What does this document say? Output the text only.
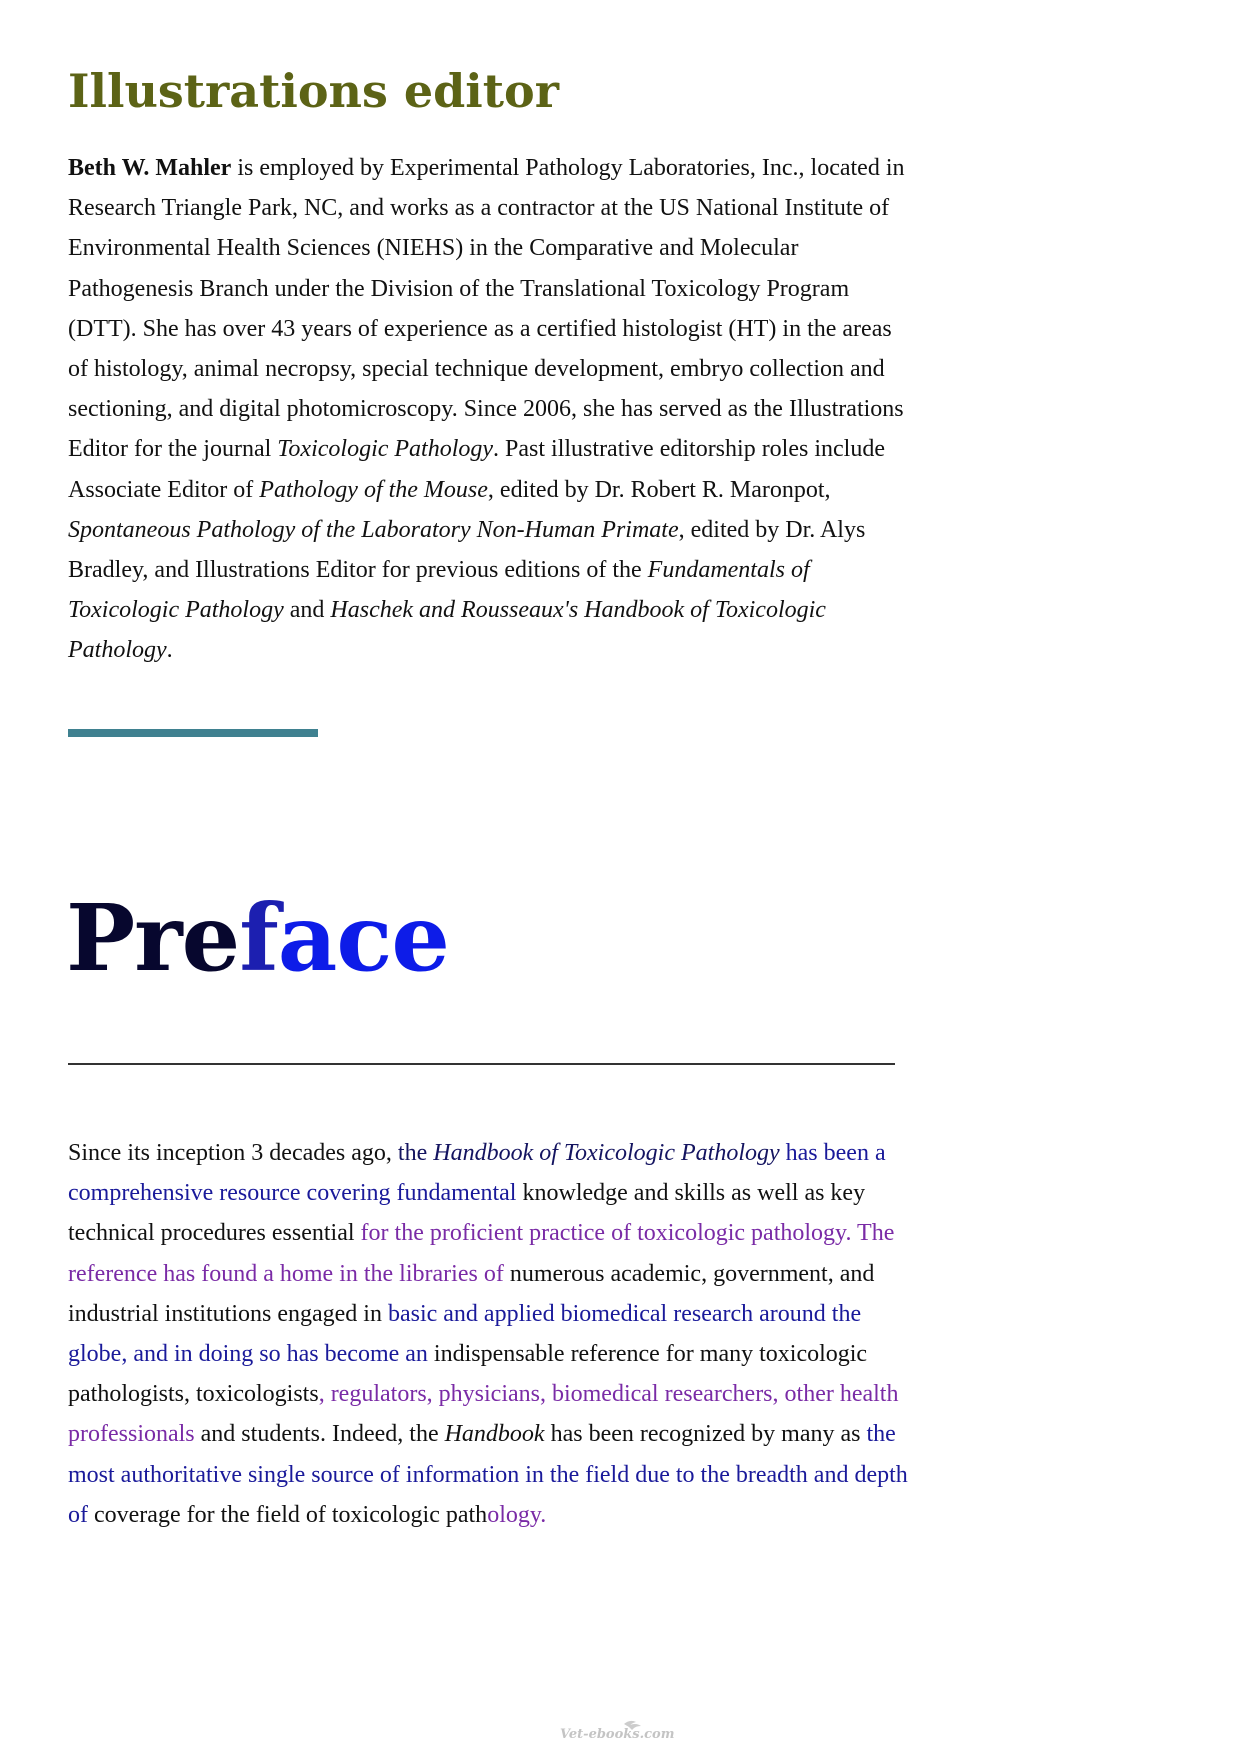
Illustrations editor

Beth W. Mahler is employed by Experimental Pathology Laboratories, Inc., located in Research Triangle Park, NC, and works as a contractor at the US National Institute of Environmental Health Sciences (NIEHS) in the Comparative and Molecular Pathogenesis Branch under the Division of the Translational Toxicology Program (DTT). She has over 43 years of experience as a certified histologist (HT) in the areas of histology, animal necropsy, special technique development, embryo collection and sectioning, and digital photomicroscopy. Since 2006, she has served as the Illustrations Editor for the journal Toxicologic Pathology. Past illustrative editorship roles include Associate Editor of Pathology of the Mouse, edited by Dr. Robert R. Maronpot, Spontaneous Pathology of the Laboratory Non-Human Primate, edited by Dr. Alys Bradley, and Illustrations Editor for previous editions of the Fundamentals of Toxicologic Pathology and Haschek and Rousseaux's Handbook of Toxicologic Pathology.

Preface

Since its inception 3 decades ago, the Handbook of Toxicologic Pathology has been a comprehensive resource covering fundamental knowledge and skills as well as key technical procedures essential for the proficient practice of toxicologic pathology. The reference has found a home in the libraries of numerous academic, government, and industrial institutions engaged in basic and applied biomedical research around the globe, and in doing so has become an indispensable reference for many toxicologic pathologists, toxicologists, regulators, physicians, biomedical researchers, other health professionals and students. Indeed, the Handbook has been recognized by many as the most authoritative single source of information in the field due to the breadth and depth of coverage for the field of toxicologic pathology.

Vet-ebooks.com
